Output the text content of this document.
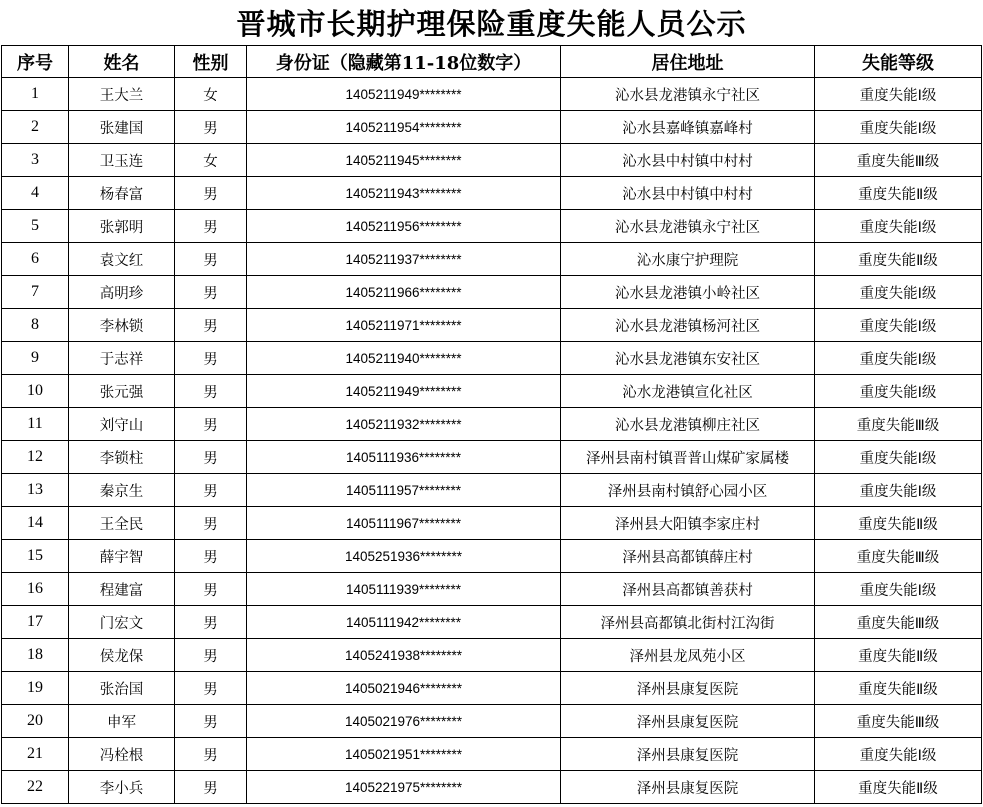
晋城市长期护理保险重度失能人员公示
序号	姓名	性别	身份证（隐藏第11-18位数字）	居住地址	失能等级
1	王大兰	女	1405211949********	沁水县龙港镇永宁社区	重度失能Ⅰ级
2	张建国	男	1405211954********	沁水县嘉峰镇嘉峰村	重度失能Ⅰ级
3	卫玉连	女	1405211945********	沁水县中村镇中村村	重度失能Ⅲ级
4	杨春富	男	1405211943********	沁水县中村镇中村村	重度失能Ⅱ级
5	张郭明	男	1405211956********	沁水县龙港镇永宁社区	重度失能Ⅰ级
6	袁文红	男	1405211937********	沁水康宁护理院	重度失能Ⅱ级
7	高明珍	男	1405211966********	沁水县龙港镇小岭社区	重度失能Ⅰ级
8	李林锁	男	1405211971********	沁水县龙港镇杨河社区	重度失能Ⅰ级
9	于志祥	男	1405211940********	沁水县龙港镇东安社区	重度失能Ⅰ级
10	张元强	男	1405211949********	沁水龙港镇宣化社区	重度失能Ⅰ级
11	刘守山	男	1405211932********	沁水县龙港镇柳庄社区	重度失能Ⅲ级
12	李锁柱	男	1405111936********	泽州县南村镇晋普山煤矿家属楼	重度失能Ⅰ级
13	秦京生	男	1405111957********	泽州县南村镇舒心园小区	重度失能Ⅰ级
14	王全民	男	1405111967********	泽州县大阳镇李家庄村	重度失能Ⅱ级
15	薛宇智	男	1405251936********	泽州县高都镇薛庄村	重度失能Ⅲ级
16	程建富	男	1405111939********	泽州县高都镇善获村	重度失能Ⅰ级
17	门宏文	男	1405111942********	泽州县高都镇北街村江沟街	重度失能Ⅲ级
18	侯龙保	男	1405241938********	泽州县龙凤苑小区	重度失能Ⅱ级
19	张治国	男	1405021946********	泽州县康复医院	重度失能Ⅱ级
20	申军	男	1405021976********	泽州县康复医院	重度失能Ⅲ级
21	冯栓根	男	1405021951********	泽州县康复医院	重度失能Ⅰ级
22	李小兵	男	1405221975********	泽州县康复医院	重度失能Ⅱ级
